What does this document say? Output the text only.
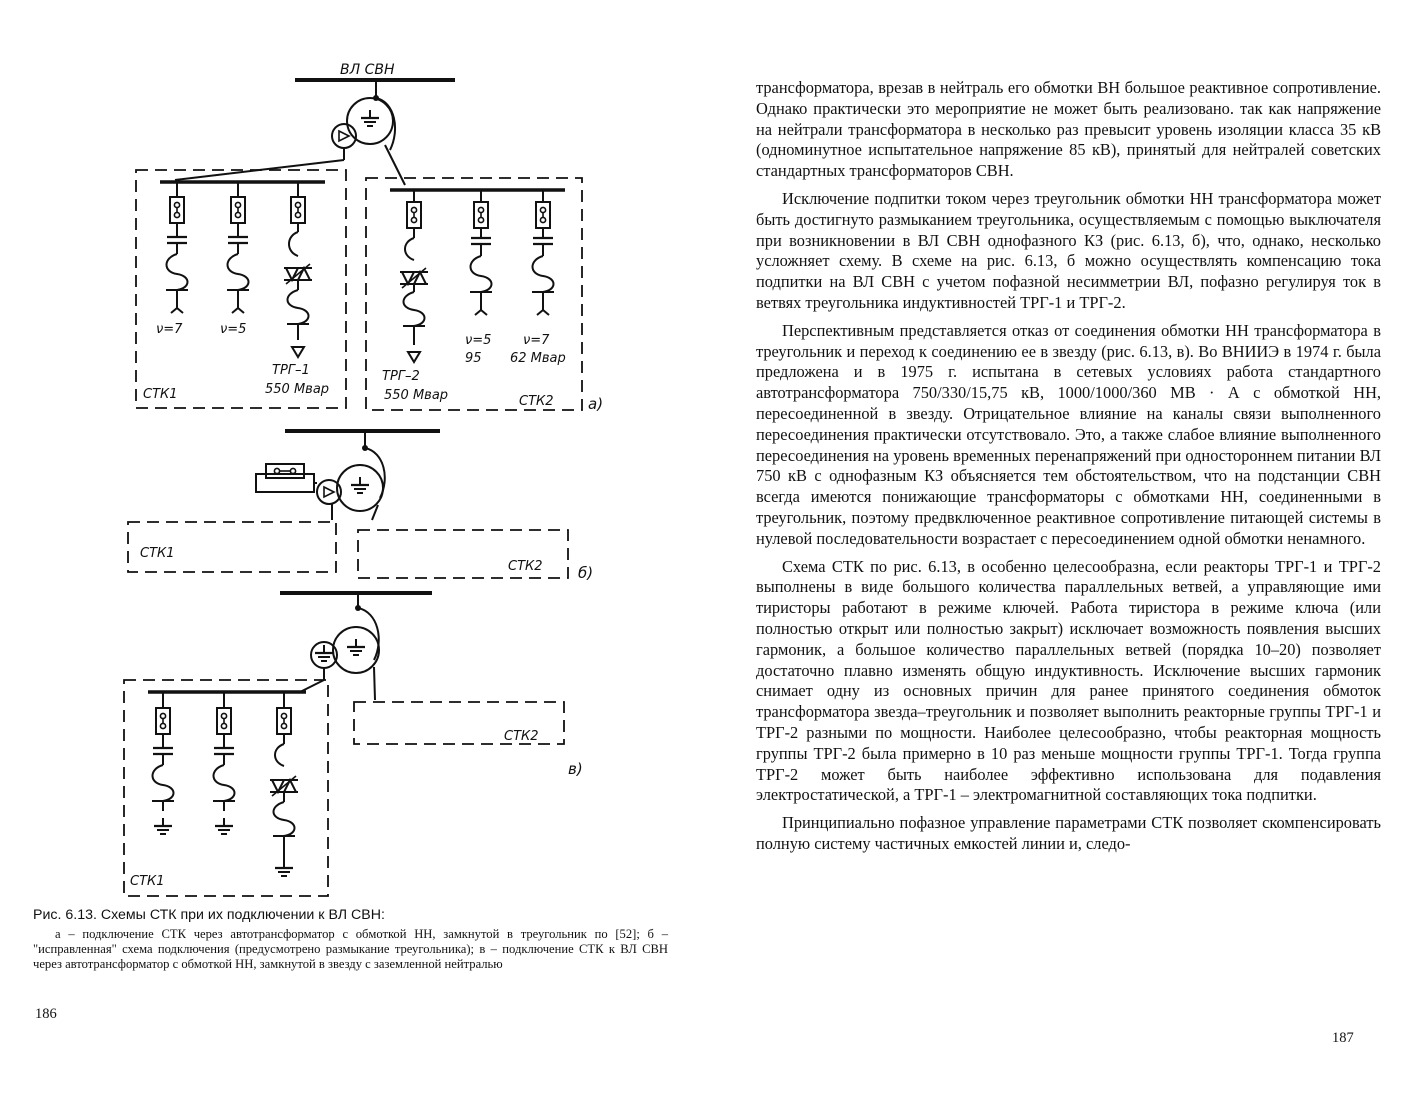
ВЛ СВН
ν=7	ν=5
ТРГ–1
550 Мвар
СТК1
ТРГ–2
550 Мвар
ν=5
95
ν=7
62 Мвар
СТК2 а)
СТК1
СТК2 б)
СТК2
в)
СТК1
Рис. 6.13. Схемы СТК при их подключении к ВЛ СВН:

а – подключение СТК через автотрансформатор с обмоткой НН, замкнутой в треугольник по [52]; б – "исправленная" схема подключения (предусмотрено размыкание треугольника); в – подключение СТК к ВЛ СВН через автотрансформатор с обмоткой НН, замкнутой в звезду с заземленной нейтралью

186

трансформатора, врезав в нейтраль его обмотки ВН большое реактивное сопротивление. Однако практически это мероприятие не может быть реализовано. так как напряжение на нейтрали трансформатора в несколько раз превысит уровень изоляции класса 35 кВ (одноминутное испытательное напряжение 85 кВ), принятый для нейтралей советских стандартных трансформаторов СВН.

Исключение подпитки током через треугольник обмотки НН трансформатора может быть достигнуто размыканием треугольника, осуществляемым с помощью выключателя при возникновении в ВЛ СВН однофазного КЗ (рис. 6.13, б), что, однако, несколько усложняет схему. В схеме на рис. 6.13, б можно осуществлять компенсацию тока подпитки на ВЛ СВН с учетом пофазной несимметрии ВЛ, пофазно регулируя ток в ветвях треугольника индуктивностей ТРГ-1 и ТРГ-2.

Перспективным представляется отказ от соединения обмотки НН трансформатора в треугольник и переход к соединению ее в звезду (рис. 6.13, в). Во ВНИИЭ в 1974 г. была предложена и в 1975 г. испытана в сетевых условиях работа стандартного автотрансформатора 750/330/15,75 кВ, 1000/1000/360 МВ · А с обмоткой НН, пересоединенной в звезду. Отрицательное влияние на каналы связи выполненного пересоединения практически отсутствовало. Это, а также слабое влияние выполненного пересоединения на уровень временных перенапряжений при одностороннем питании ВЛ 750 кВ с однофазным КЗ объясняется тем обстоятельством, что на подстанции СВН всегда имеются понижающие трансформаторы с обмотками НН, соединенными в треугольник, поэтому предвключенное реактивное сопротивление питающей системы в нулевой последовательности возрастает с пересоединением одной обмотки ненамного.

Схема СТК по рис. 6.13, в особенно целесообразна, если реакторы ТРГ-1 и ТРГ-2 выполнены в виде большого количества параллельных ветвей, а управляющие ими тиристоры работают в режиме ключей. Работа тиристора в режиме ключа (или полностью открыт или полностью закрыт) исключает возможность появления высших гармоник, а большое количество параллельных ветвей (порядка 10–20) позволяет достаточно плавно изменять общую индуктивность. Исключение высших гармоник снимает одну из основных причин для ранее принятого соединения обмоток трансформатора звезда–треугольник и позволяет выполнить реакторные группы ТРГ-1 и ТРГ-2 разными по мощности. Наиболее целесообразно, чтобы реакторная мощность группы ТРГ-2 была примерно в 10 раз меньше мощности группы ТРГ-1. Тогда группа ТРГ-2 может быть наиболее эффективно использована для подавления электростатической, а ТРГ-1 – электромагнитной составляющих тока подпитки.

Принципиально пофазное управление параметрами СТК позволяет скомпенсировать полную систему частичных емкостей линии и, следо-

187
